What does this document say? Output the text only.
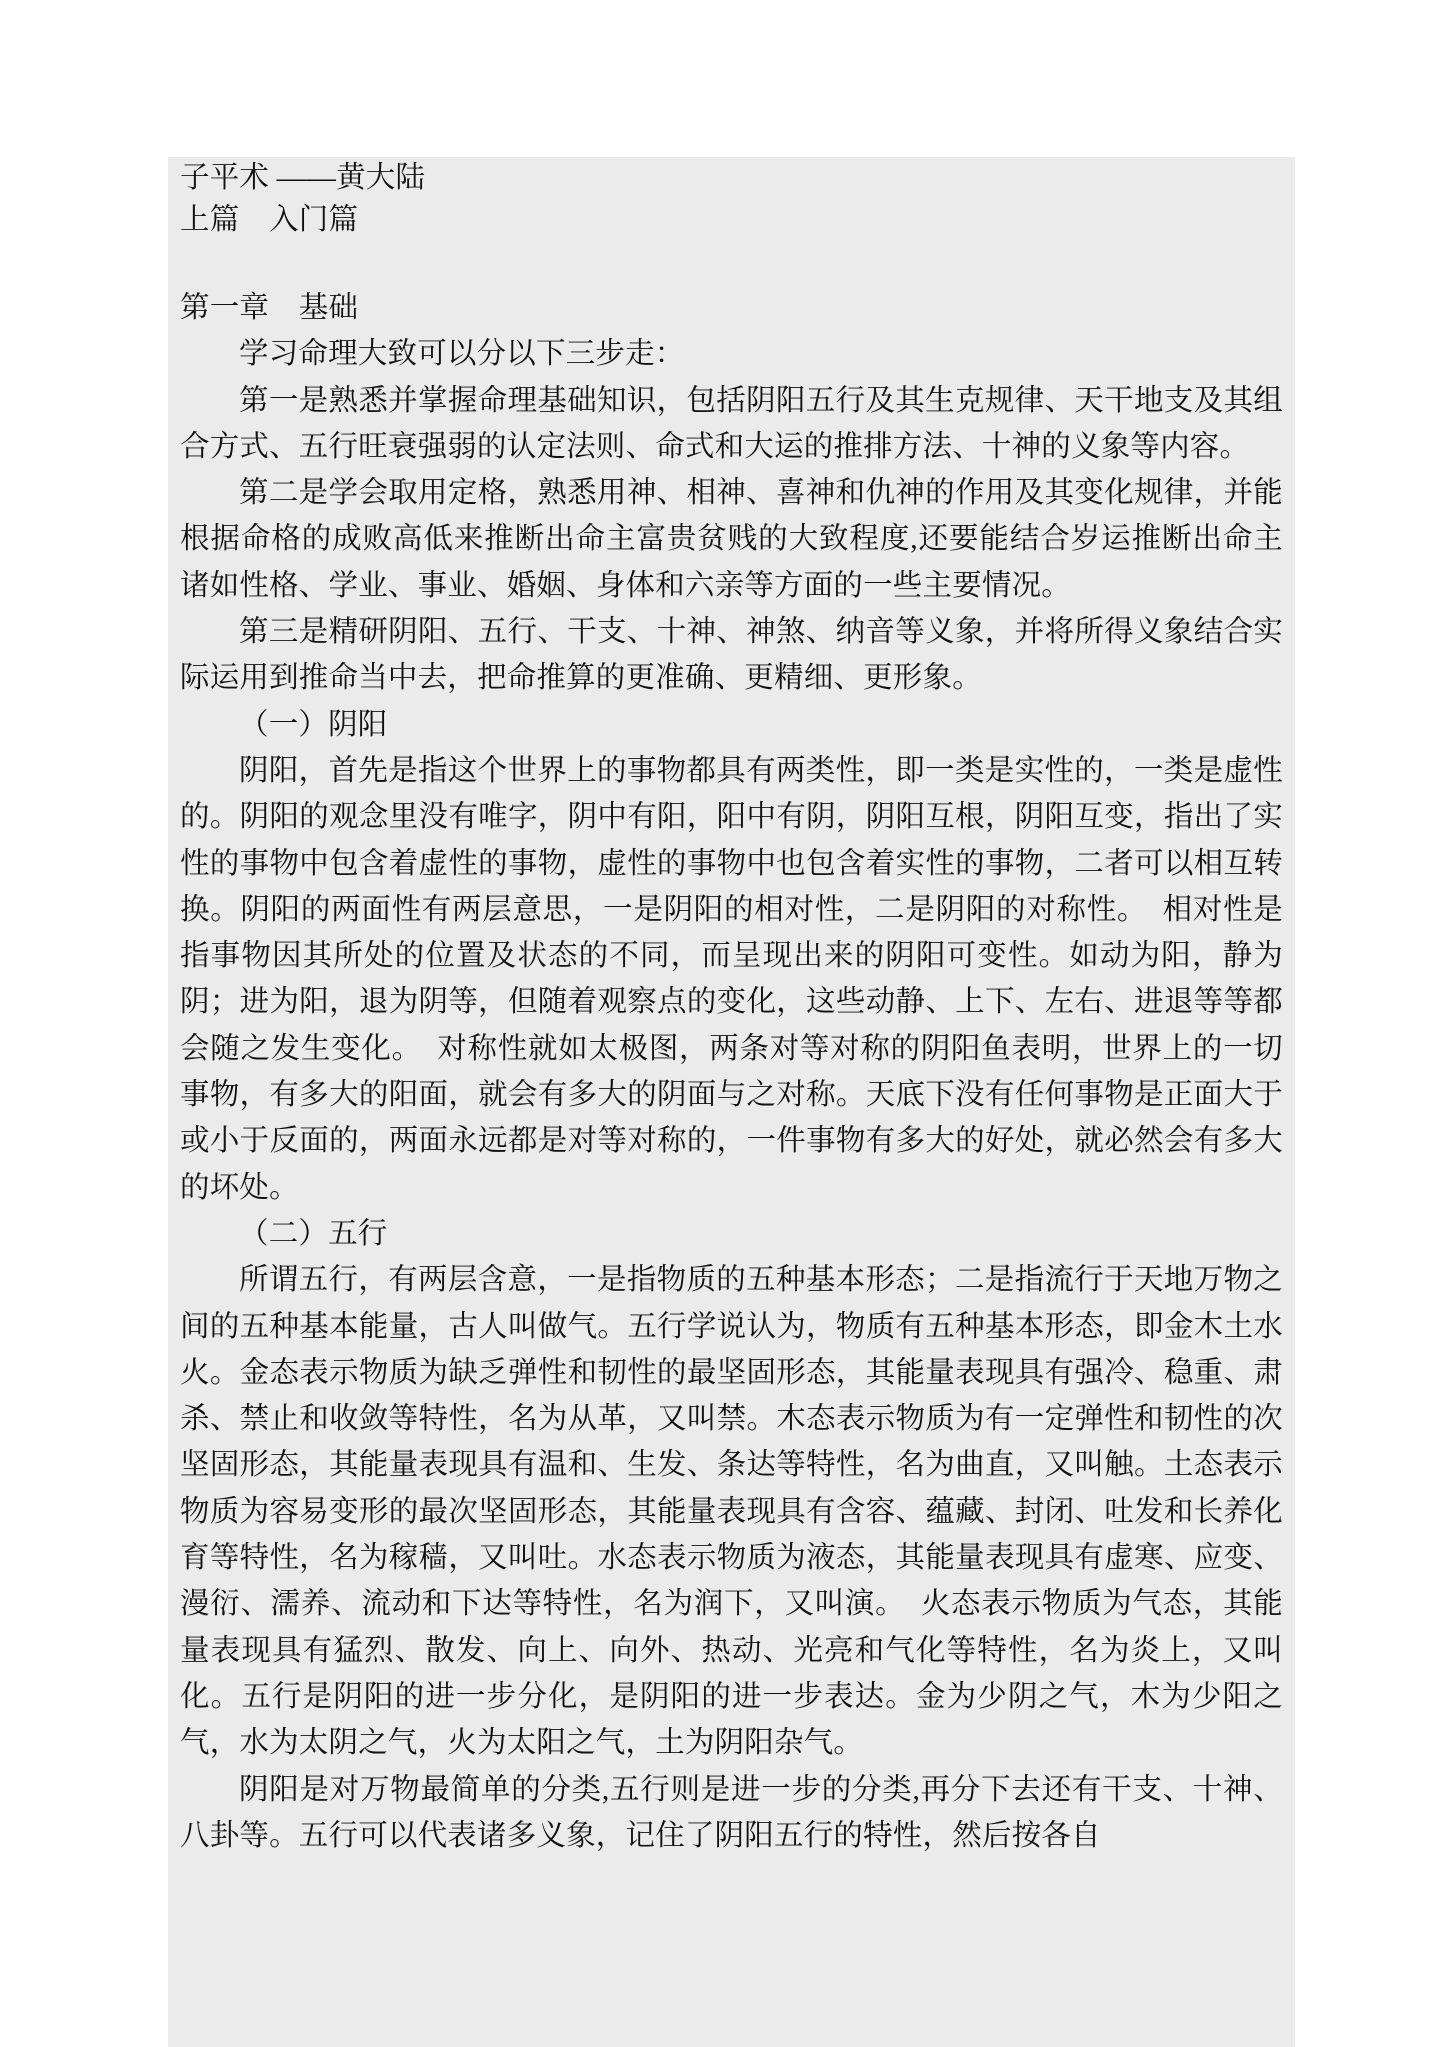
子平术 ——黄大陆
上篇　入门篇
第一章　基础

学习命理大致可以分以下三步走：

第一是熟悉并掌握命理基础知识，包括阴阳五行及其生克规律、天干地支及其组合方式、五行旺衰强弱的认定法则、命式和大运的推排方法、十神的义象等内容。

第二是学会取用定格，熟悉用神、相神、喜神和仇神的作用及其变化规律，并能根据命格的成败高低来推断出命主富贵贫贱的大致程度,还要能结合岁运推断出命主诸如性格、学业、事业、婚姻、身体和六亲等方面的一些主要情况。

第三是精研阴阳、五行、干支、十神、神煞、纳音等义象，并将所得义象结合实际运用到推命当中去，把命推算的更准确、更精细、更形象。

（一）阴阳

阴阳，首先是指这个世界上的事物都具有两类性，即一类是实性的，一类是虚性的。阴阳的观念里没有唯字，阴中有阳，阳中有阴，阴阳互根，阴阳互变，指出了实性的事物中包含着虚性的事物，虚性的事物中也包含着实性的事物，二者可以相互转换。阴阳的两面性有两层意思，一是阴阳的相对性，二是阴阳的对称性。　相对性是指事物因其所处的位置及状态的不同，而呈现出来的阴阳可变性。如动为阳，静为阴；进为阳，退为阴等，但随着观察点的变化，这些动静、上下、左右、进退等等都会随之发生变化。　对称性就如太极图，两条对等对称的阴阳鱼表明，世界上的一切事物，有多大的阳面，就会有多大的阴面与之对称。天底下没有任何事物是正面大于或小于反面的，两面永远都是对等对称的，一件事物有多大的好处，就必然会有多大的坏处。

（二）五行

所谓五行，有两层含意，一是指物质的五种基本形态；二是指流行于天地万物之间的五种基本能量，古人叫做气。五行学说认为，物质有五种基本形态，即金木土水火。金态表示物质为缺乏弹性和韧性的最坚固形态，其能量表现具有强冷、稳重、肃杀、禁止和收敛等特性，名为从革，又叫禁。木态表示物质为有一定弹性和韧性的次坚固形态，其能量表现具有温和、生发、条达等特性，名为曲直，又叫触。土态表示物质为容易变形的最次坚固形态，其能量表现具有含容、蕴藏、封闭、吐发和长养化育等特性，名为稼穑，又叫吐。水态表示物质为液态，其能量表现具有虚寒、应变、漫衍、濡养、流动和下达等特性，名为润下，又叫演。　火态表示物质为气态，其能量表现具有猛烈、散发、向上、向外、热动、光亮和气化等特性，名为炎上，又叫化。五行是阴阳的进一步分化，是阴阳的进一步表达。金为少阴之气，木为少阳之气，水为太阴之气，火为太阳之气，土为阴阳杂气。

阴阳是对万物最简单的分类,五行则是进一步的分类,再分下去还有干支、十神、八卦等。五行可以代表诸多义象，记住了阴阳五行的特性，然后按各自
